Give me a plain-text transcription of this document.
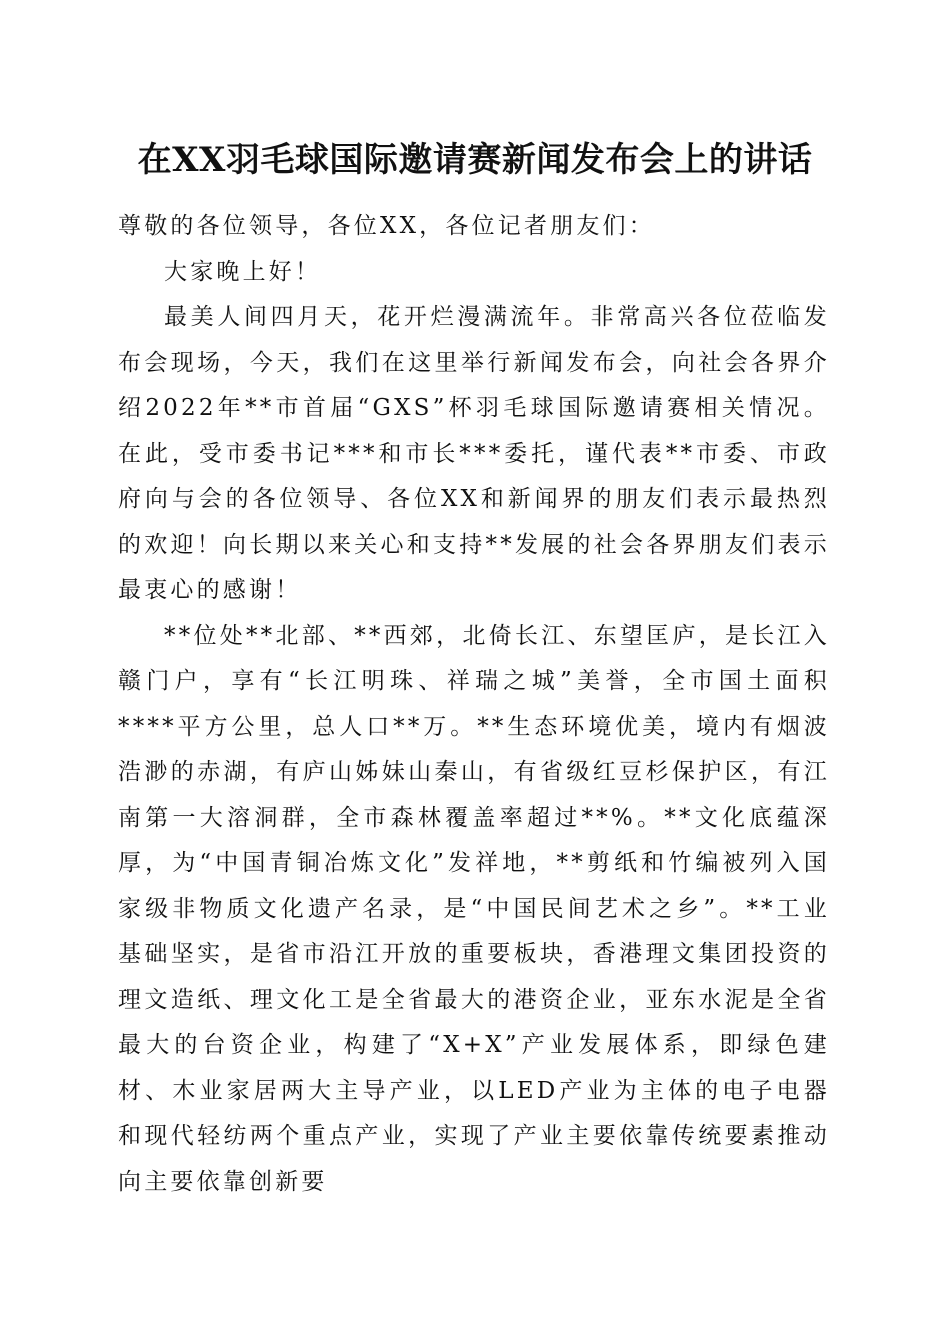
在XX羽毛球国际邀请赛新闻发布会上的讲话

尊敬的各位领导，各位XX，各位记者朋友们：

大家晚上好！

最美人间四月天，花开烂漫满流年。非常高兴各位莅临发布会现场，今天，我们在这里举行新闻发布会，向社会各界介绍2022年**市首届“GXS”杯羽毛球国际邀请赛相关情况。在此，受市委书记***和市长***委托，谨代表**市委、市政府向与会的各位领导、各位XX和新闻界的朋友们表示最热烈的欢迎！向长期以来关心和支持**发展的社会各界朋友们表示最衷心的感谢！

**位处**北部、**西郊，北倚长江、东望匡庐，是长江入赣门户，享有“长江明珠、祥瑞之城”美誉，全市国土面积****平方公里，总人口**万。**生态环境优美，境内有烟波浩渺的赤湖，有庐山姊妹山秦山，有省级红豆杉保护区，有江南第一大溶洞群，全市森林覆盖率超过**%。**文化底蕴深厚，为“中国青铜冶炼文化”发祥地，**剪纸和竹编被列入国家级非物质文化遗产名录，是“中国民间艺术之乡”。**工业基础坚实，是省市沿江开放的重要板块，香港理文集团投资的理文造纸、理文化工是全省最大的港资企业，亚东水泥是全省最大的台资企业，构建了“X+X”产业发展体系，即绿色建材、木业家居两大主导产业，以LED产业为主体的电子电器和现代轻纺两个重点产业，实现了产业主要依靠传统要素推动向主要依靠创新要
